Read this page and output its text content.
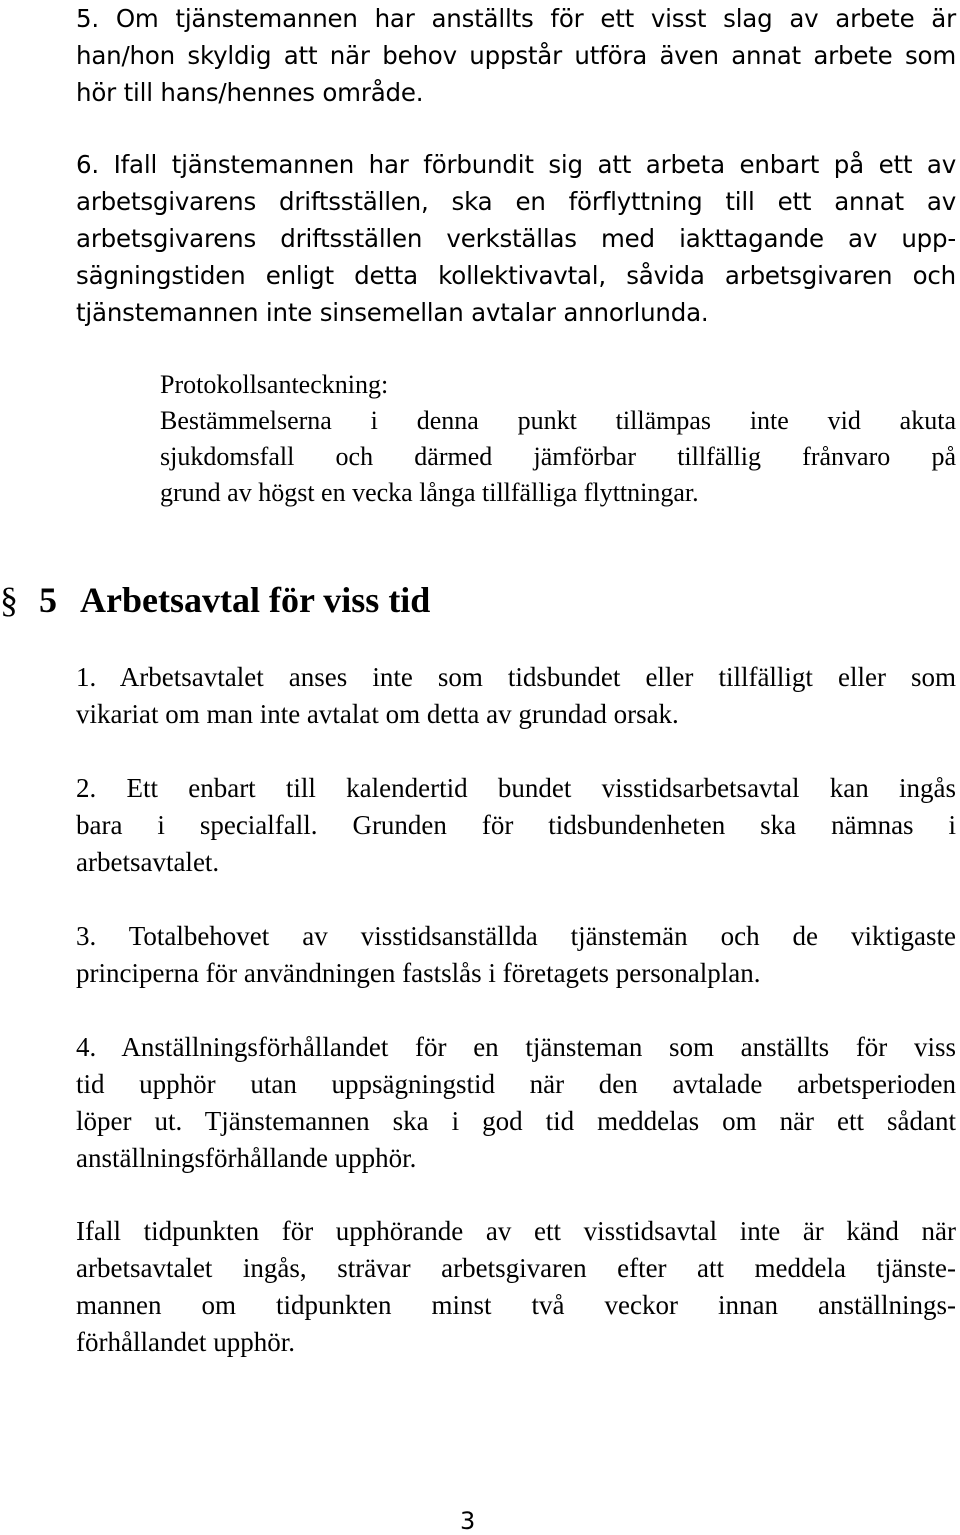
5. Om tjänstemannen har anställts för ett visst slag av arbete är
han/hon skyldig att när behov uppstår utföra även annat arbete som
hör till hans/hennes område.
6. Ifall tjänstemannen har förbundit sig att arbeta enbart på ett av
arbetsgivarens driftsställen, ska en förflyttning till ett annat av
arbetsgivarens driftsställen verkställas med iakttagande av upp-
sägningstiden enligt detta kollektivavtal, såvida arbetsgivaren och
tjänstemannen inte sinsemellan avtalar annorlunda.
Protokollsanteckning:
Bestämmelserna i denna punkt tillämpas inte vid akuta
sjukdomsfall och därmed jämförbar tillfällig frånvaro på
grund av högst en vecka långa tillfälliga flyttningar.
§ 5 Arbetsavtal för viss tid
1. Arbetsavtalet anses inte som tidsbundet eller tillfälligt eller som
vikariat om man inte avtalat om detta av grundad orsak.
2. Ett enbart till kalendertid bundet visstidsarbetsavtal kan ingås
bara i specialfall. Grunden för tidsbundenheten ska nämnas i
arbetsavtalet.
3. Totalbehovet av visstidsanställda tjänstemän och de viktigaste
principerna för användningen fastslås i företagets personalplan.
4. Anställningsförhållandet för en tjänsteman som anställts för viss
tid upphör utan uppsägningstid när den avtalade arbetsperioden
löper ut. Tjänstemannen ska i god tid meddelas om när ett sådant
anställningsförhållande upphör.
Ifall tidpunkten för upphörande av ett visstidsavtal inte är känd när
arbetsavtalet ingås, strävar arbetsgivaren efter att meddela tjänste-
mannen om tidpunkten minst två veckor innan anställnings-
förhållandet upphör.
3
